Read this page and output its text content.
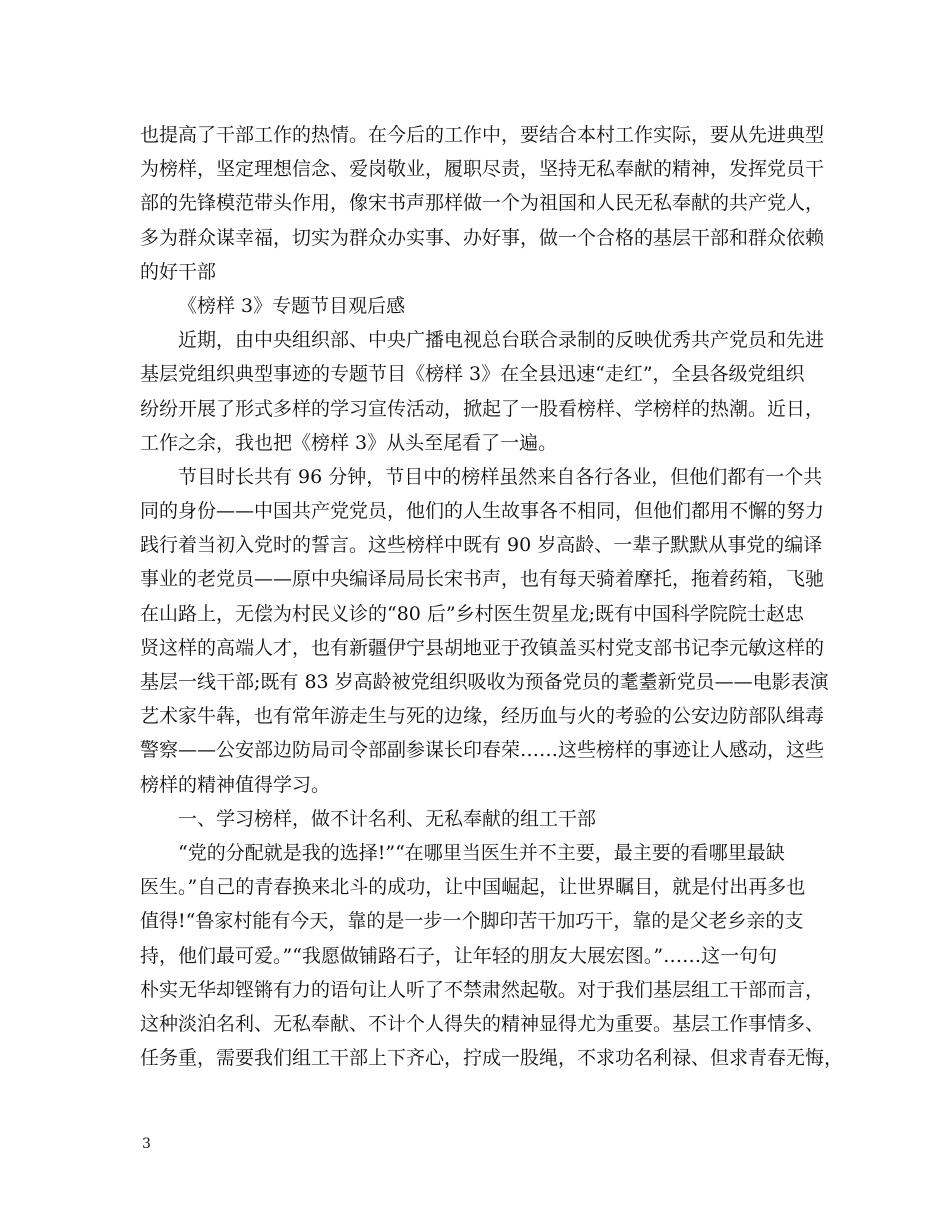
也提高了干部工作的热情。在今后的工作中，要结合本村工作实际，要从先进典型
为榜样，坚定理想信念、爱岗敬业，履职尽责，坚持无私奉献的精神，发挥党员干
部的先锋模范带头作用，像宋书声那样做一个为祖国和人民无私奉献的共产党人，
多为群众谋幸福，切实为群众办实事、办好事，做一个合格的基层干部和群众依赖
的好干部
《榜样 3》专题节目观后感
近期，由中央组织部、中央广播电视总台联合录制的反映优秀共产党员和先进
基层党组织典型事迹的专题节目《榜样 3》在全县迅速“走红”，全县各级党组织
纷纷开展了形式多样的学习宣传活动，掀起了一股看榜样、学榜样的热潮。近日，
工作之余，我也把《榜样 3》从头至尾看了一遍。
节目时长共有 96 分钟，节目中的榜样虽然来自各行各业，但他们都有一个共
同的身份——中国共产党党员，他们的人生故事各不相同，但他们都用不懈的努力
践行着当初入党时的誓言。这些榜样中既有 90 岁高龄、一辈子默默从事党的编译
事业的老党员——原中央编译局局长宋书声，也有每天骑着摩托，拖着药箱，飞驰
在山路上，无偿为村民义诊的“80 后”乡村医生贺星龙;既有中国科学院院士赵忠
贤这样的高端人才，也有新疆伊宁县胡地亚于孜镇盖买村党支部书记李元敏这样的
基层一线干部;既有 83 岁高龄被党组织吸收为预备党员的耄耋新党员——电影表演
艺术家牛犇，也有常年游走生与死的边缘，经历血与火的考验的公安边防部队缉毒
警察——公安部边防局司令部副参谋长印春荣……这些榜样的事迹让人感动，这些
榜样的精神值得学习。
一、学习榜样，做不计名利、无私奉献的组工干部
“党的分配就是我的选择!”“在哪里当医生并不主要，最主要的看哪里最缺
医生。”自己的青春换来北斗的成功，让中国崛起，让世界瞩目，就是付出再多也
值得!“鲁家村能有今天，靠的是一步一个脚印苦干加巧干，靠的是父老乡亲的支
持，他们最可爱。”“我愿做铺路石子，让年轻的朋友大展宏图。”……这一句句
朴实无华却铿锵有力的语句让人听了不禁肃然起敬。对于我们基层组工干部而言，
这种淡泊名利、无私奉献、不计个人得失的精神显得尤为重要。基层工作事情多、
任务重，需要我们组工干部上下齐心，拧成一股绳，不求功名利禄、但求青春无悔，
3
